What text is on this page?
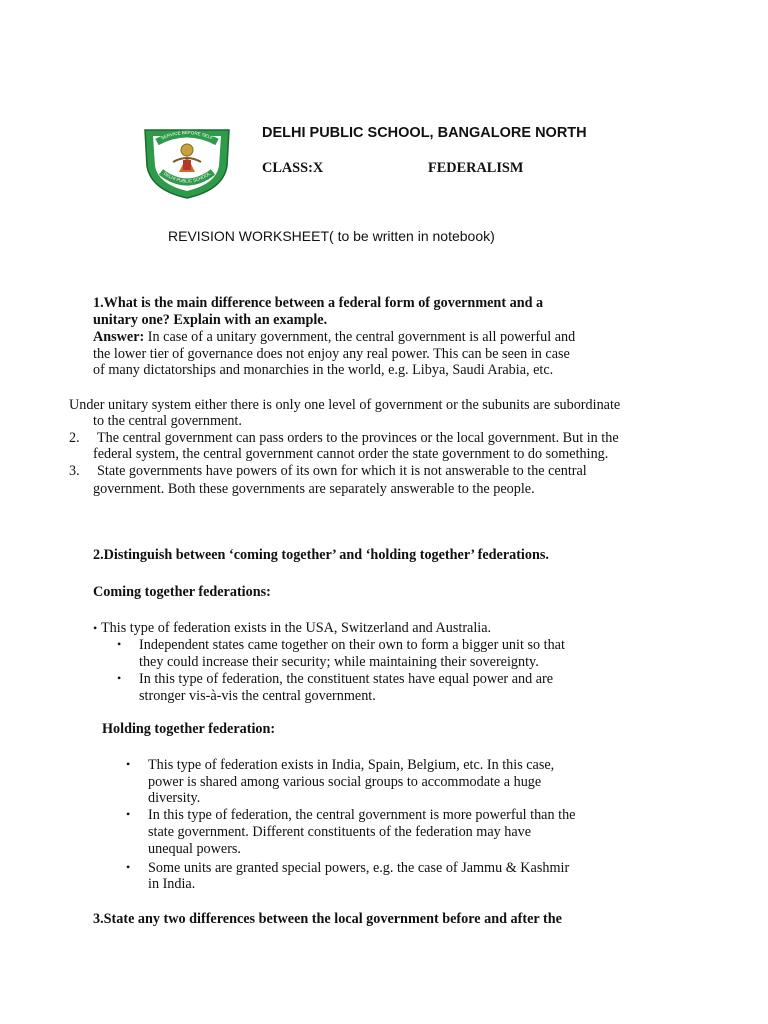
SERVICE BEFORE SELF
DELHI PUBLIC SCHOOL
DELHI PUBLIC SCHOOL, BANGALORE NORTH
CLASS:X	FEDERALISM
REVISION WORKSHEET( to be written in notebook)
1.What is the main difference between a federal form of government and a
unitary one? Explain with an example.
Answer: In case of a unitary government, the central government is all powerful and
the lower tier of governance does not enjoy any real power. This can be seen in case
of many dictatorships and monarchies in the world, e.g. Libya, Saudi Arabia, etc.
Under unitary system either there is only one level of government or the subunits are subordinate
to the central government.
2. The central government can pass orders to the provinces or the local government. But in the
federal system, the central government cannot order the state government to do something.
3. State governments have powers of its own for which it is not answerable to the central
government. Both these governments are separately answerable to the people.
2.Distinguish between ‘coming together’ and ‘holding together’ federations.
Coming together federations:
• This type of federation exists in the USA, Switzerland and Australia.
• Independent states came together on their own to form a bigger unit so that
they could increase their security; while maintaining their sovereignty.
• In this type of federation, the constituent states have equal power and are
stronger vis-à-vis the central government.
Holding together federation:
• This type of federation exists in India, Spain, Belgium, etc. In this case,
power is shared among various social groups to accommodate a huge
diversity.
• In this type of federation, the central government is more powerful than the
state government. Different constituents of the federation may have
unequal powers.
• Some units are granted special powers, e.g. the case of Jammu & Kashmir
in India.
3.State any two differences between the local government before and after the
